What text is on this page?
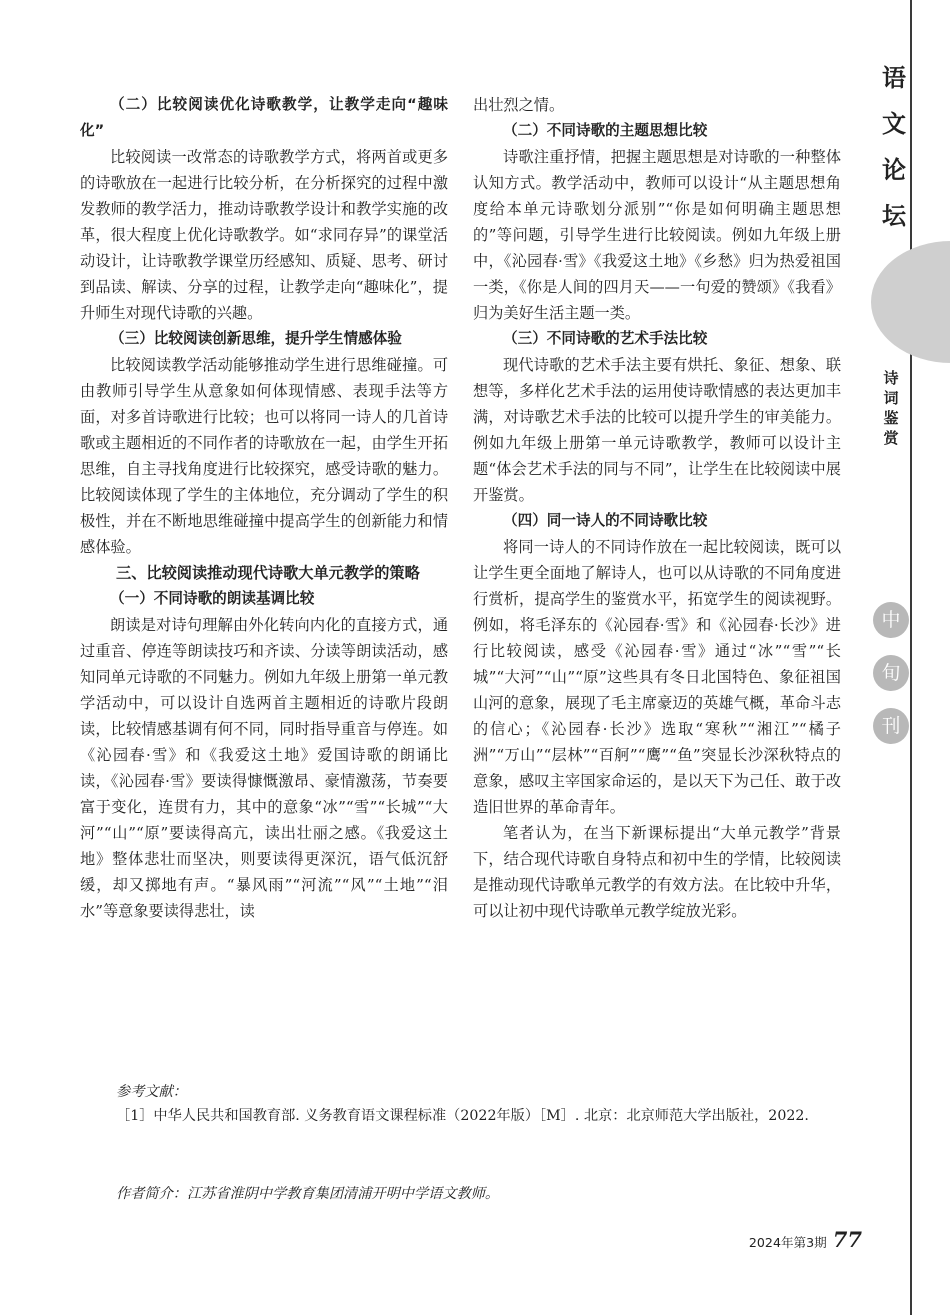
（二）比较阅读优化诗歌教学，让教学走向“趣味化”

比较阅读一改常态的诗歌教学方式，将两首或更多的诗歌放在一起进行比较分析，在分析探究的过程中激发教师的教学活力，推动诗歌教学设计和教学实施的改革，很大程度上优化诗歌教学。如“求同存异”的课堂活动设计，让诗歌教学课堂历经感知、质疑、思考、研讨到品读、解读、分享的过程，让教学走向“趣味化”，提升师生对现代诗歌的兴趣。

（三）比较阅读创新思维，提升学生情感体验

比较阅读教学活动能够推动学生进行思维碰撞。可由教师引导学生从意象如何体现情感、表现手法等方面，对多首诗歌进行比较；也可以将同一诗人的几首诗歌或主题相近的不同作者的诗歌放在一起，由学生开拓思维，自主寻找角度进行比较探究，感受诗歌的魅力。比较阅读体现了学生的主体地位，充分调动了学生的积极性，并在不断地思维碰撞中提高学生的创新能力和情感体验。

三、比较阅读推动现代诗歌大单元教学的策略

（一）不同诗歌的朗读基调比较

朗读是对诗句理解由外化转向内化的直接方式，通过重音、停连等朗读技巧和齐读、分读等朗读活动，感知同单元诗歌的不同魅力。例如九年级上册第一单元教学活动中，可以设计自选两首主题相近的诗歌片段朗读，比较情感基调有何不同，同时指导重音与停连。如《沁园春·雪》和《我爱这土地》爱国诗歌的朗诵比读，《沁园春·雪》要读得慷慨激昂、豪情激荡，节奏要富于变化，连贯有力，其中的意象“冰”“雪”“长城”“大河”“山”“原”要读得高亢，读出壮丽之感。《我爱这土地》整体悲壮而坚决，则要读得更深沉，语气低沉舒缓，却又掷地有声。“暴风雨”“河流”“风”“土地”“泪水”等意象要读得悲壮，读

出壮烈之情。

（二）不同诗歌的主题思想比较

诗歌注重抒情，把握主题思想是对诗歌的一种整体认知方式。教学活动中，教师可以设计“从主题思想角度给本单元诗歌划分派别”“你是如何明确主题思想的”等问题，引导学生进行比较阅读。例如九年级上册中，《沁园春·雪》《我爱这土地》《乡愁》归为热爱祖国一类，《你是人间的四月天——一句爱的赞颂》《我看》归为美好生活主题一类。

（三）不同诗歌的艺术手法比较

现代诗歌的艺术手法主要有烘托、象征、想象、联想等，多样化艺术手法的运用使诗歌情感的表达更加丰满，对诗歌艺术手法的比较可以提升学生的审美能力。例如九年级上册第一单元诗歌教学，教师可以设计主题“体会艺术手法的同与不同”，让学生在比较阅读中展开鉴赏。

（四）同一诗人的不同诗歌比较

将同一诗人的不同诗作放在一起比较阅读，既可以让学生更全面地了解诗人，也可以从诗歌的不同角度进行赏析，提高学生的鉴赏水平，拓宽学生的阅读视野。例如，将毛泽东的《沁园春·雪》和《沁园春·长沙》进行比较阅读，感受《沁园春·雪》通过“冰”“雪”“长城”“大河”“山”“原”这些具有冬日北国特色、象征祖国山河的意象，展现了毛主席豪迈的英雄气概，革命斗志的信心；《沁园春·长沙》选取“寒秋”“湘江”“橘子洲”“万山”“层林”“百舸”“鹰”“鱼”突显长沙深秋特点的意象，感叹主宰国家命运的，是以天下为己任、敢于改造旧世界的革命青年。

笔者认为，在当下新课标提出“大单元教学”背景下，结合现代诗歌自身特点和初中生的学情，比较阅读是推动现代诗歌单元教学的有效方法。在比较中升华，可以让初中现代诗歌单元教学绽放光彩。

参考文献：

［1］中华人民共和国教育部. 义务教育语文课程标准（2022年版）［M］. 北京：北京师范大学出版社，2022.

作者简介：江苏省淮阴中学教育集团清浦开明中学语文教师。
2024年第3期 77
语
文
论
坛
诗
词
鉴
赏
中
旬
刊
